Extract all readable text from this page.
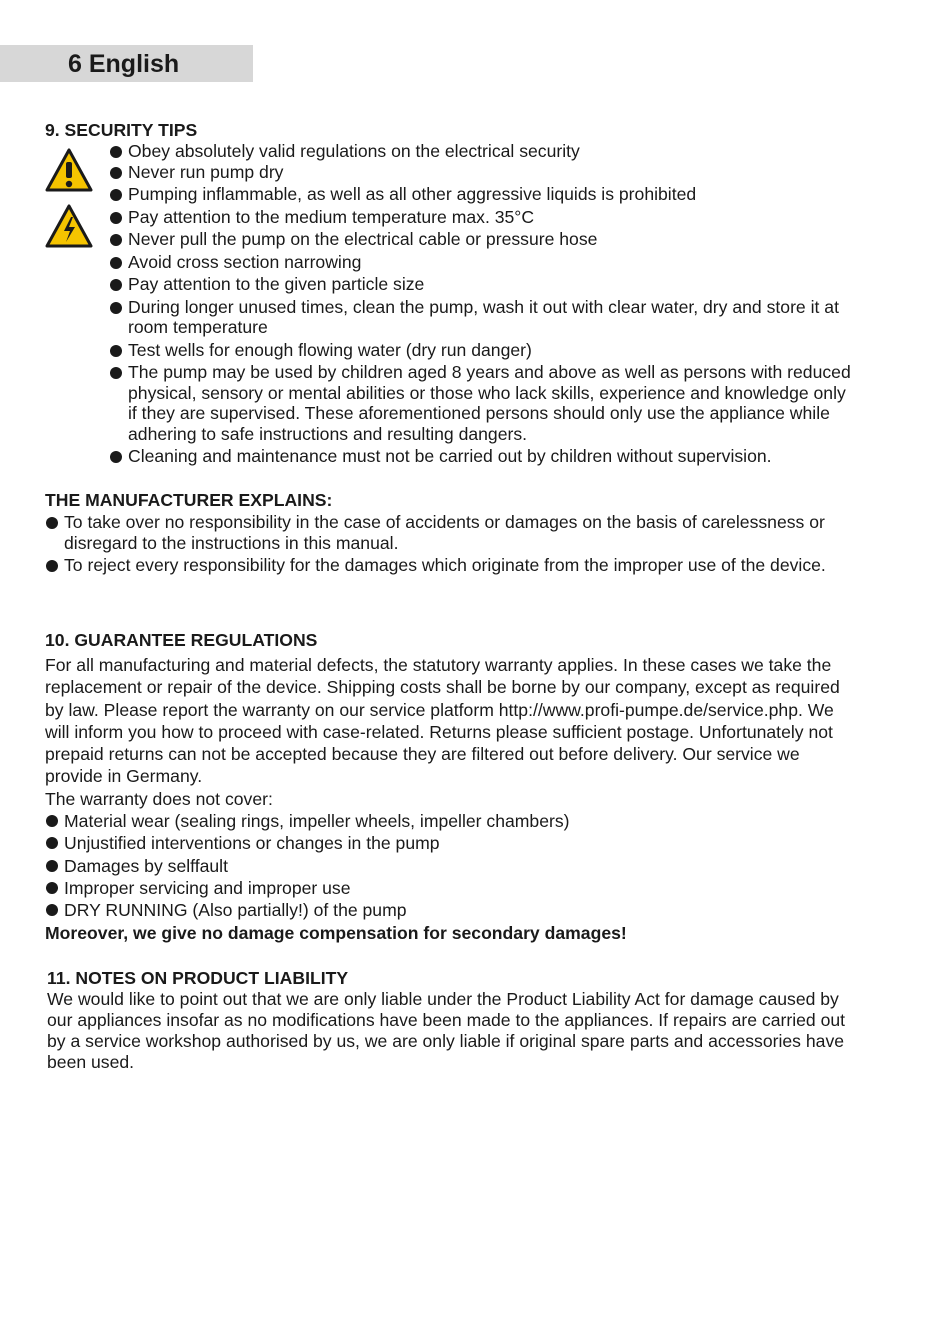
6 English
9. SECURITY TIPS
Obey absolutely valid regulations on the electrical security
Never run pump dry
Pumping inflammable, as well as all other aggressive liquids is prohibited
Pay attention to the medium temperature max. 35°C
Never pull the pump on the electrical cable or pressure hose
Avoid cross section narrowing
Pay attention to the given particle size
During longer unused times, clean the pump, wash it out with clear water, dry and store it at room temperature
Test wells for enough flowing water (dry run danger)
The pump may be used by children aged 8 years and above as well as persons with reduced physical, sensory or mental abilities or those who lack skills, experience and knowledge only if they are supervised. These aforementioned persons should only use the appliance while adhering to safe instructions and resulting dangers.
Cleaning and maintenance must not be carried out by children without supervision.
THE MANUFACTURER EXPLAINS:
To take over no responsibility in the case of accidents or damages on the basis of carelessness or disregard to the instructions in this manual.
To reject every responsibility for the damages which originate from the improper use of the device.
10. GUARANTEE REGULATIONS

For all manufacturing and material defects, the statutory warranty applies. In these cases we take the replacement or repair of the device. Shipping costs shall be borne by our company, except as required by law. Please report the warranty on our service platform http://www.profi-pumpe.de/service.php. We will inform you how to proceed with case-related. Returns please sufficient postage. Unfortunately not prepaid returns can not be accepted because they are filtered out before delivery. Our service we provide in Germany.

The warranty does not cover:

Material wear (sealing rings, impeller wheels, impeller chambers)
Unjustified interventions or changes in the pump
Damages by selffault
Improper servicing and improper use
DRY RUNNING (Also partially!) of the pump

Moreover, we give no damage compensation for secondary damages!

11. NOTES ON PRODUCT LIABILITY

We would like to point out that we are only liable under the Product Liability Act for damage caused by our appliances insofar as no modifications have been made to the appliances. If repairs are carried out by a service workshop authorised by us, we are only liable if original spare parts and accessories have been used.
